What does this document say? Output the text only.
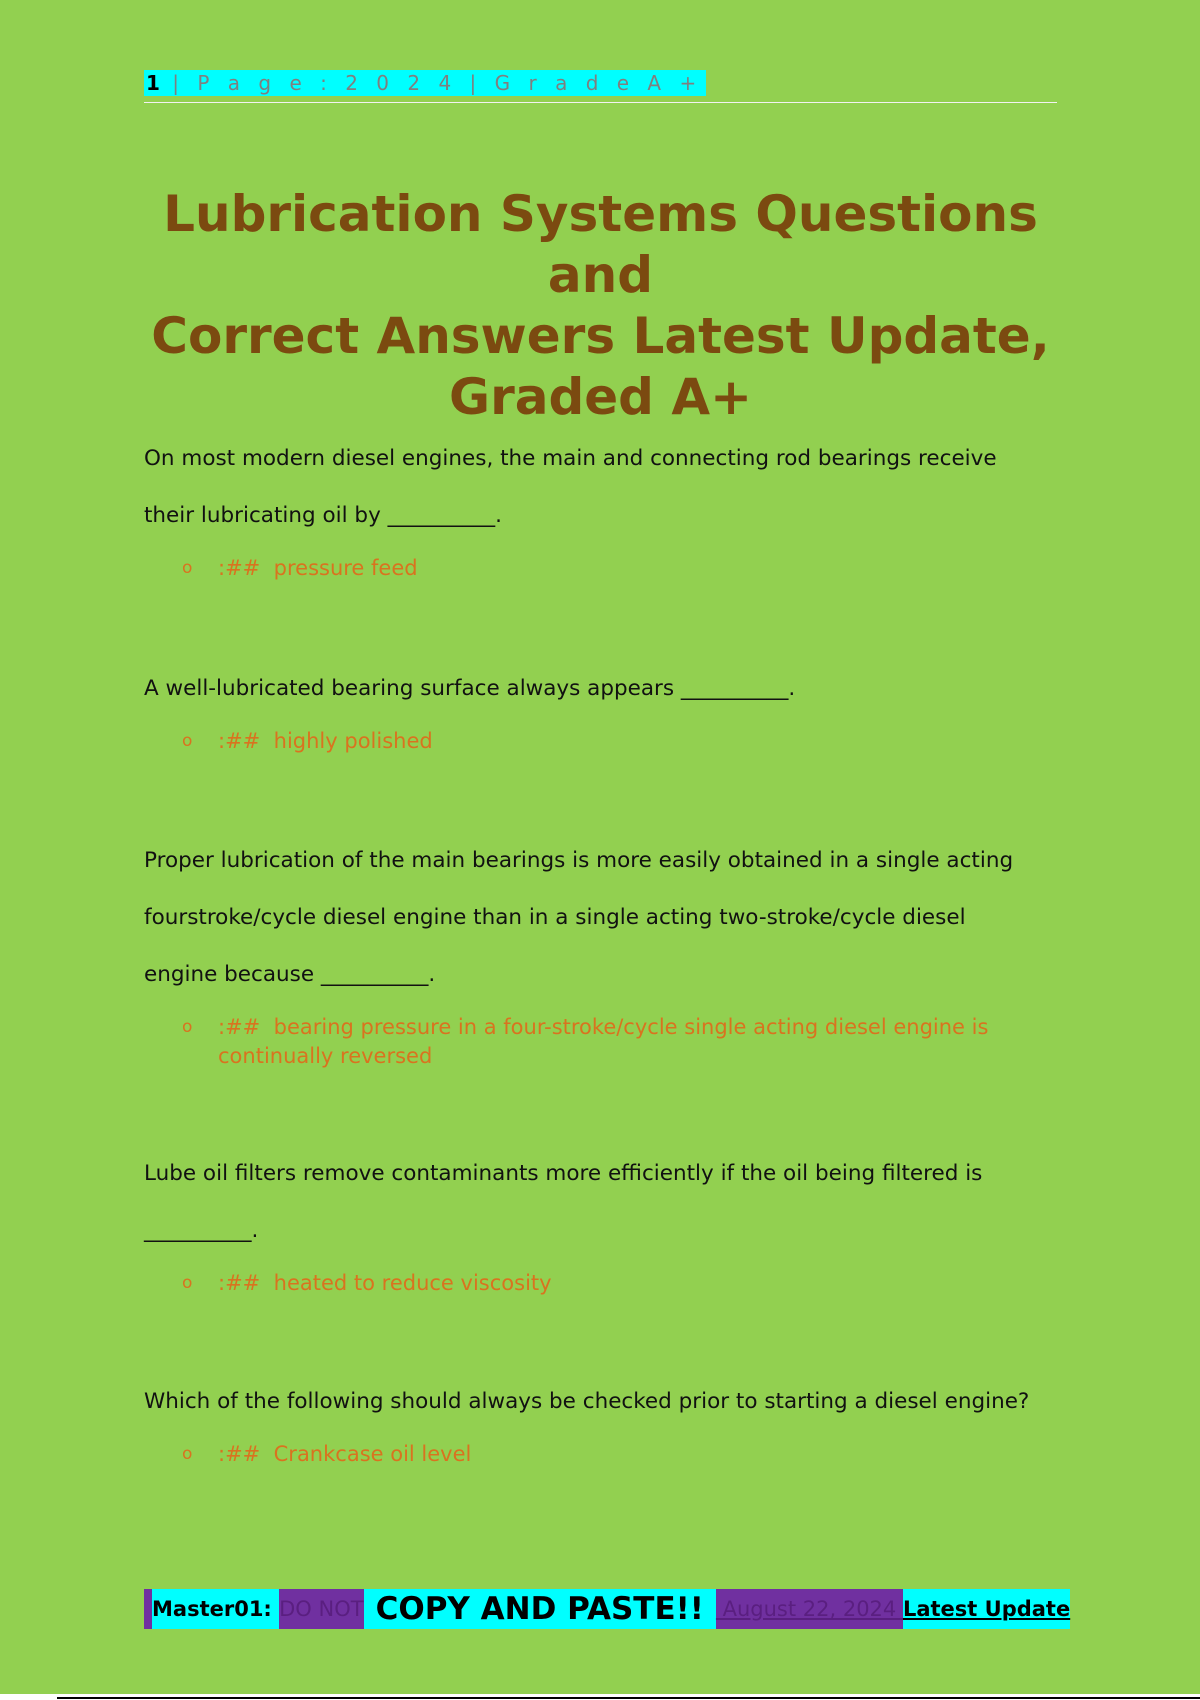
1 | P a g e : 2 0 2 4 | G r a d e A +
Lubrication Systems Questions and
Correct Answers Latest Update,
Graded A+

On most modern diesel engines, the main and connecting rod bearings receive
their lubricating oil by __________.

o :## pressure feed

A well-lubricated bearing surface always appears __________.

o :## highly polished

Proper lubrication of the main bearings is more easily obtained in a single acting
fourstroke/cycle diesel engine than in a single acting two-stroke/cycle diesel
engine because __________.

o :## bearing pressure in a four-stroke/cycle single acting diesel engine is continually reversed

Lube oil filters remove contaminants more efficiently if the oil being filtered is
__________.

o :## heated to reduce viscosity

Which of the following should always be checked prior to starting a diesel engine?

o :## Crankcase oil level

Master01: DO NOT COPY AND PASTE!! August 22, 2024 Latest Update
